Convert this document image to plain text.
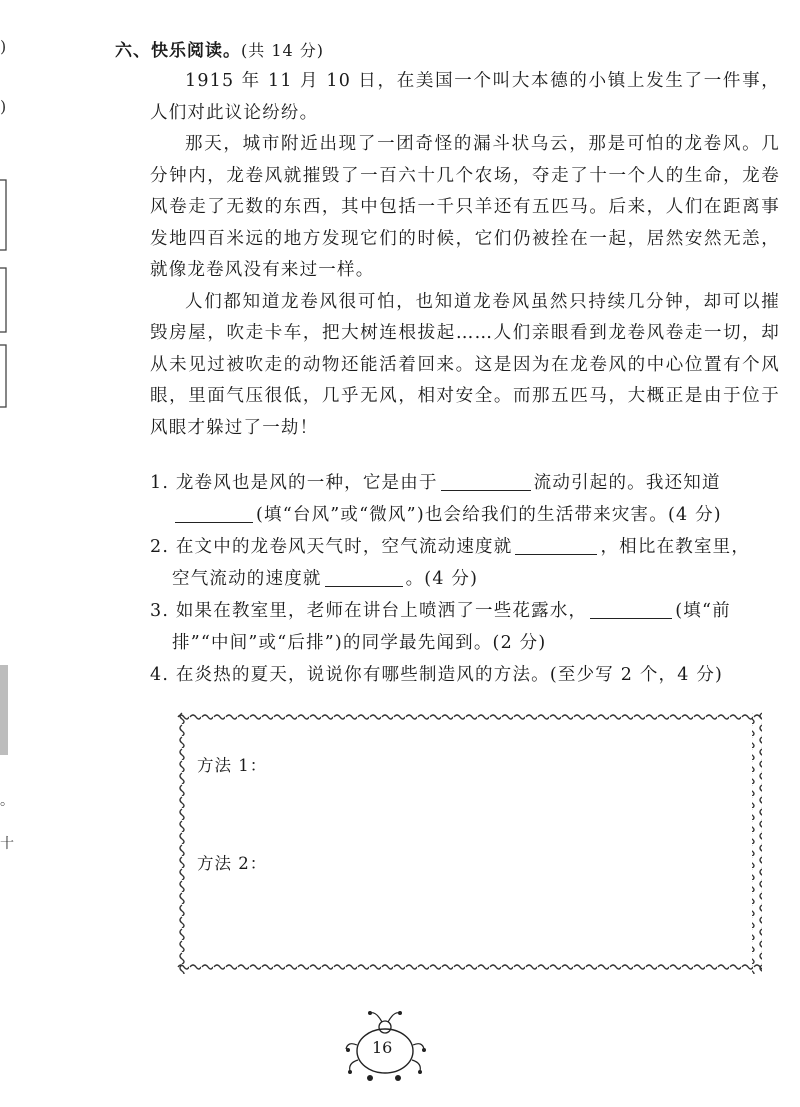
)
)
。
十
六、快乐阅读。(共 14 分)

1915 年 11 月 10 日，在美国一个叫大本德的小镇上发生了一件事，人们对此议论纷纷。

那天，城市附近出现了一团奇怪的漏斗状乌云，那是可怕的龙卷风。几分钟内，龙卷风就摧毁了一百六十几个农场，夺走了十一个人的生命，龙卷风卷走了无数的东西，其中包括一千只羊还有五匹马。后来，人们在距离事发地四百米远的地方发现它们的时候，它们仍被拴在一起，居然安然无恙，就像龙卷风没有来过一样。

人们都知道龙卷风很可怕，也知道龙卷风虽然只持续几分钟，却可以摧毁房屋，吹走卡车，把大树连根拔起……人们亲眼看到龙卷风卷走一切，却从未见过被吹走的动物还能活着回来。这是因为在龙卷风的中心位置有个风眼，里面气压很低，几乎无风，相对安全。而那五匹马，大概正是由于位于风眼才躲过了一劫！

1. 龙卷风也是风的一种，它是由于	流动引起的。我还知道
(填“台风”或“微风”)也会给我们的生活带来灾害。(4 分)
2. 在文中的龙卷风天气时，空气流动速度就	，相比在教室里，
空气流动的速度就	。(4 分)
3. 如果在教室里，老师在讲台上喷洒了一些花露水，	(填“前
排”“中间”或“后排”)的同学最先闻到。(2 分)
4. 在炎热的夏天，说说你有哪些制造风的方法。(至少写 2 个，4 分)
方法 1：
方法 2：
16
